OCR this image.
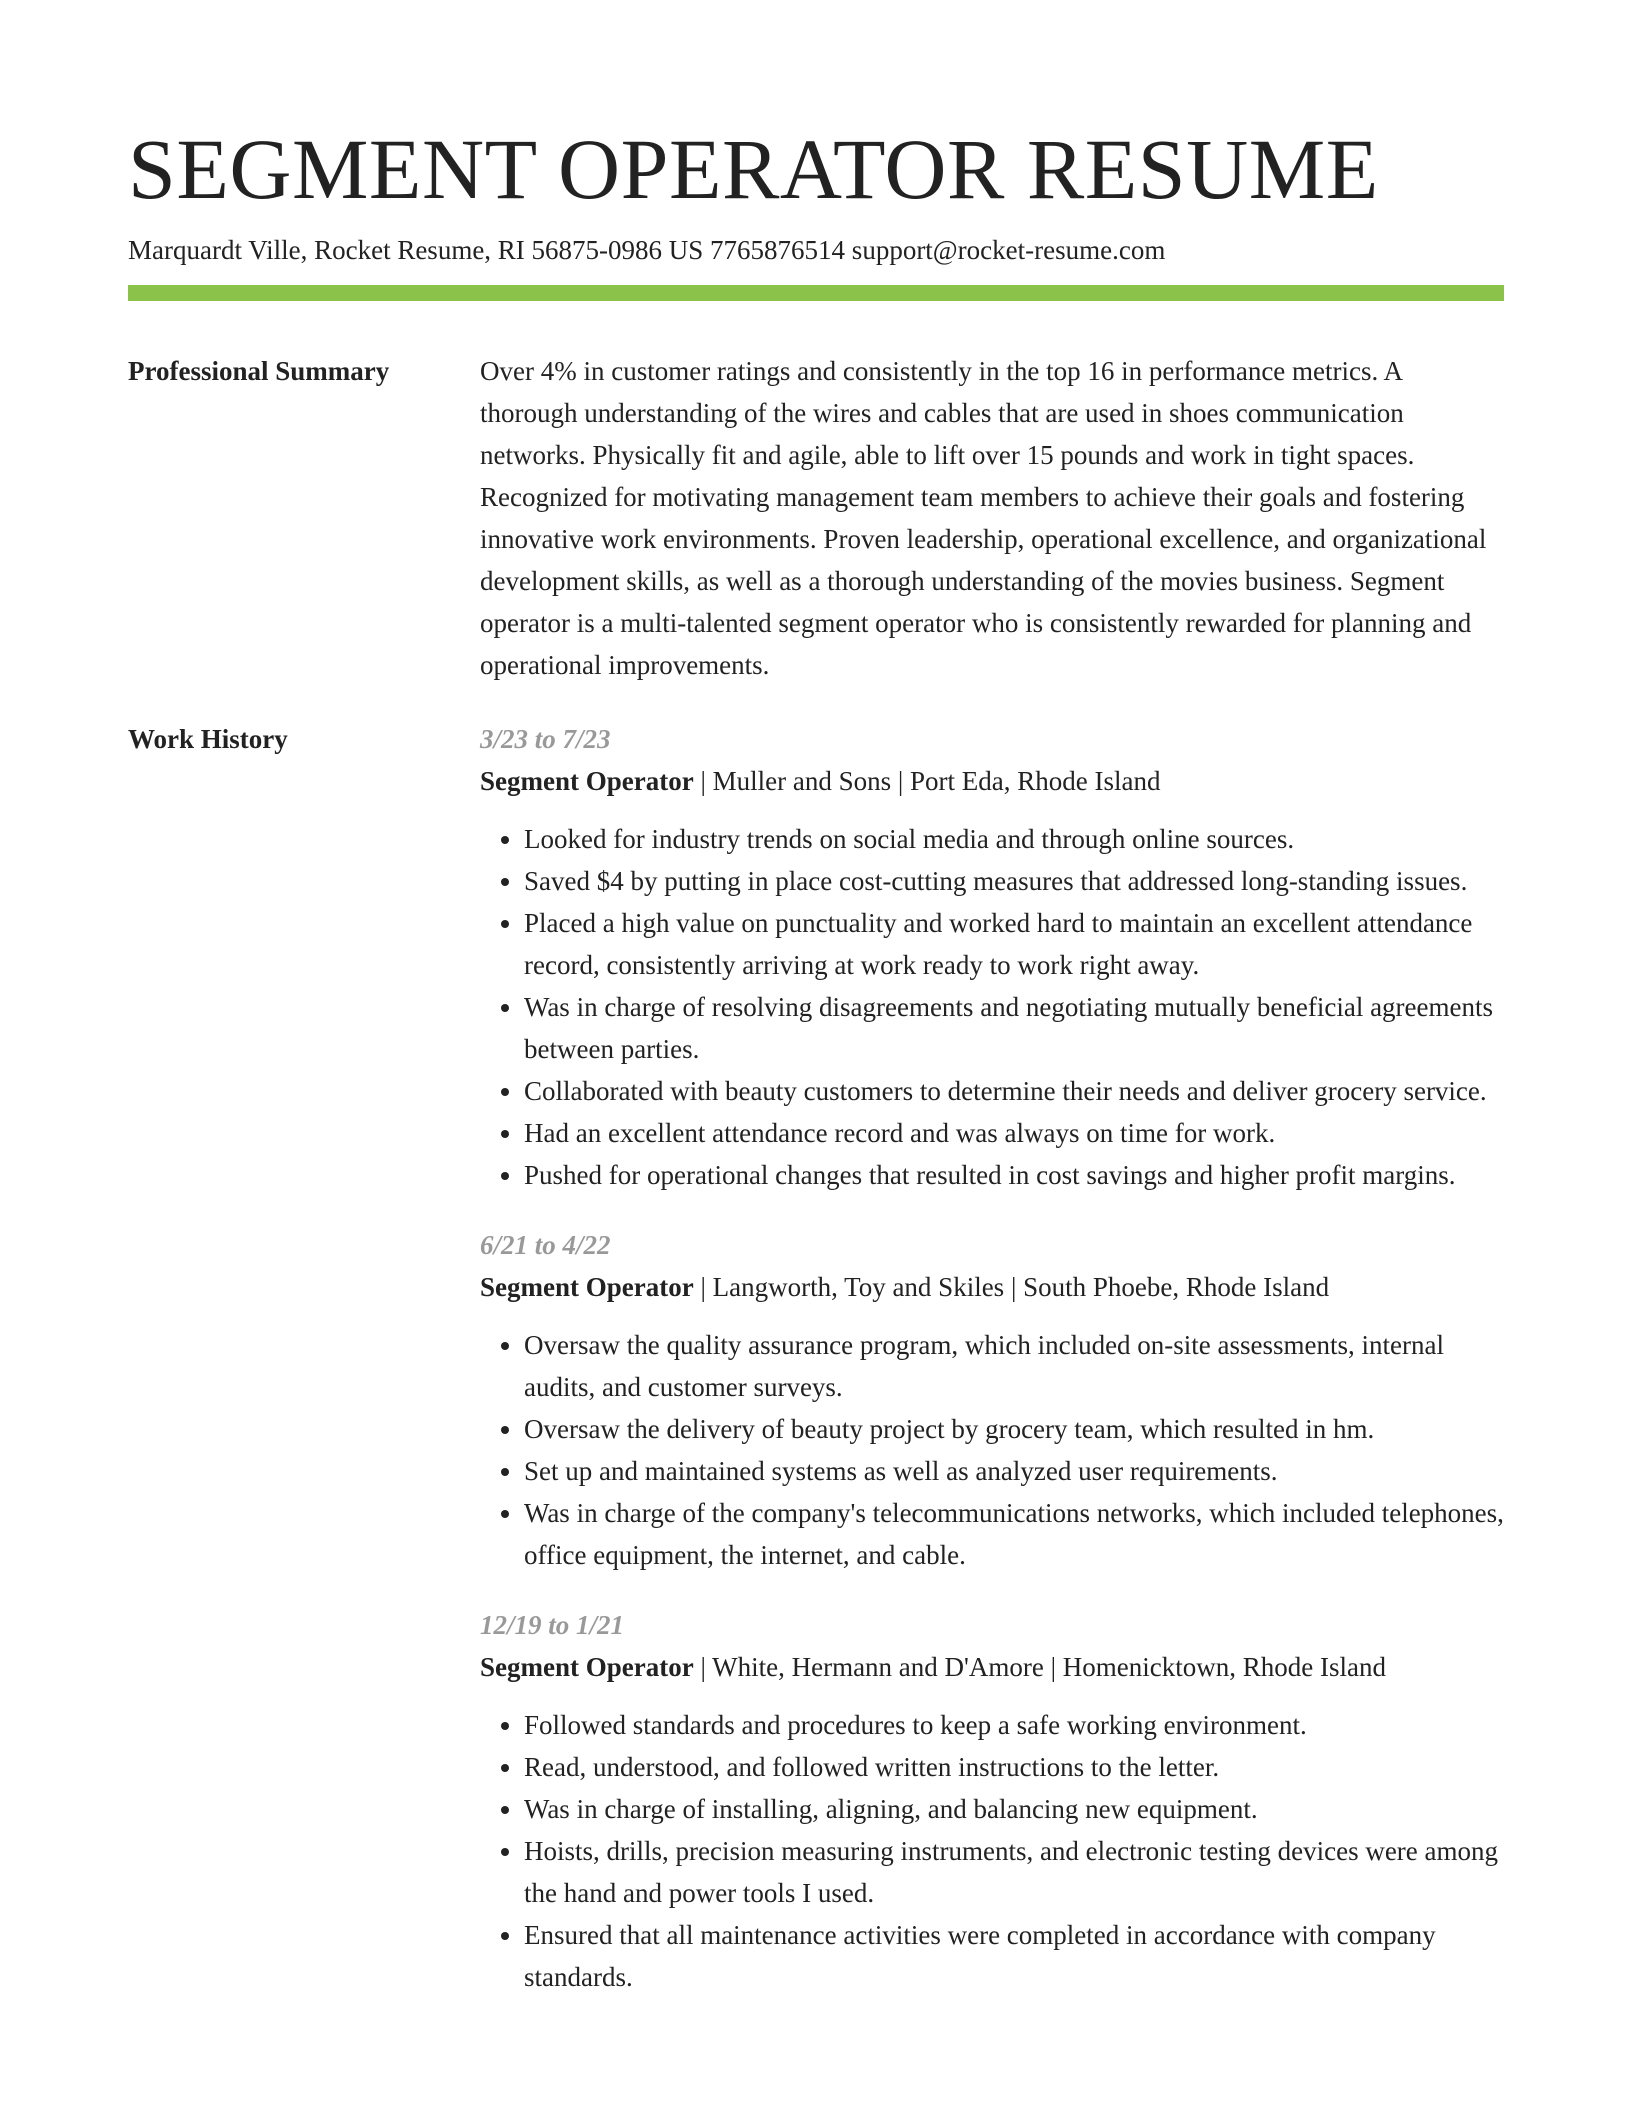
SEGMENT OPERATOR RESUME
Marquardt Ville, Rocket Resume, RI 56875-0986 US 7765876514 support@rocket-resume.com
Professional Summary	Over 4% in customer ratings and consistently in the top 16 in performance metrics. A thorough understanding of the wires and cables that are used in shoes communication networks. Physically fit and agile, able to lift over 15 pounds and work in tight spaces. Recognized for motivating management team members to achieve their goals and fostering innovative work environments. Proven leadership, operational excellence, and organizational development skills, as well as a thorough understanding of the movies business. Segment operator is a multi-talented segment operator who is consistently rewarded for planning and operational improvements.

Work History	3/23 to 7/23
Segment Operator | Muller and Sons | Port Eda, Rhode Island
• Looked for industry trends on social media and through online sources.
• Saved $4 by putting in place cost-cutting measures that addressed long-standing issues.
• Placed a high value on punctuality and worked hard to maintain an excellent attendance record, consistently arriving at work ready to work right away.
• Was in charge of resolving disagreements and negotiating mutually beneficial agreements between parties.
• Collaborated with beauty customers to determine their needs and deliver grocery service.
• Had an excellent attendance record and was always on time for work.
• Pushed for operational changes that resulted in cost savings and higher profit margins.
6/21 to 4/22
Segment Operator | Langworth, Toy and Skiles | South Phoebe, Rhode Island
• Oversaw the quality assurance program, which included on-site assessments, internal audits, and customer surveys.
• Oversaw the delivery of beauty project by grocery team, which resulted in hm.
• Set up and maintained systems as well as analyzed user requirements.
• Was in charge of the company's telecommunications networks, which included telephones, office equipment, the internet, and cable.
12/19 to 1/21
Segment Operator | White, Hermann and D'Amore | Homenicktown, Rhode Island
• Followed standards and procedures to keep a safe working environment.
• Read, understood, and followed written instructions to the letter.
• Was in charge of installing, aligning, and balancing new equipment.
• Hoists, drills, precision measuring instruments, and electronic testing devices were among the hand and power tools I used.
• Ensured that all maintenance activities were completed in accordance with company standards.
